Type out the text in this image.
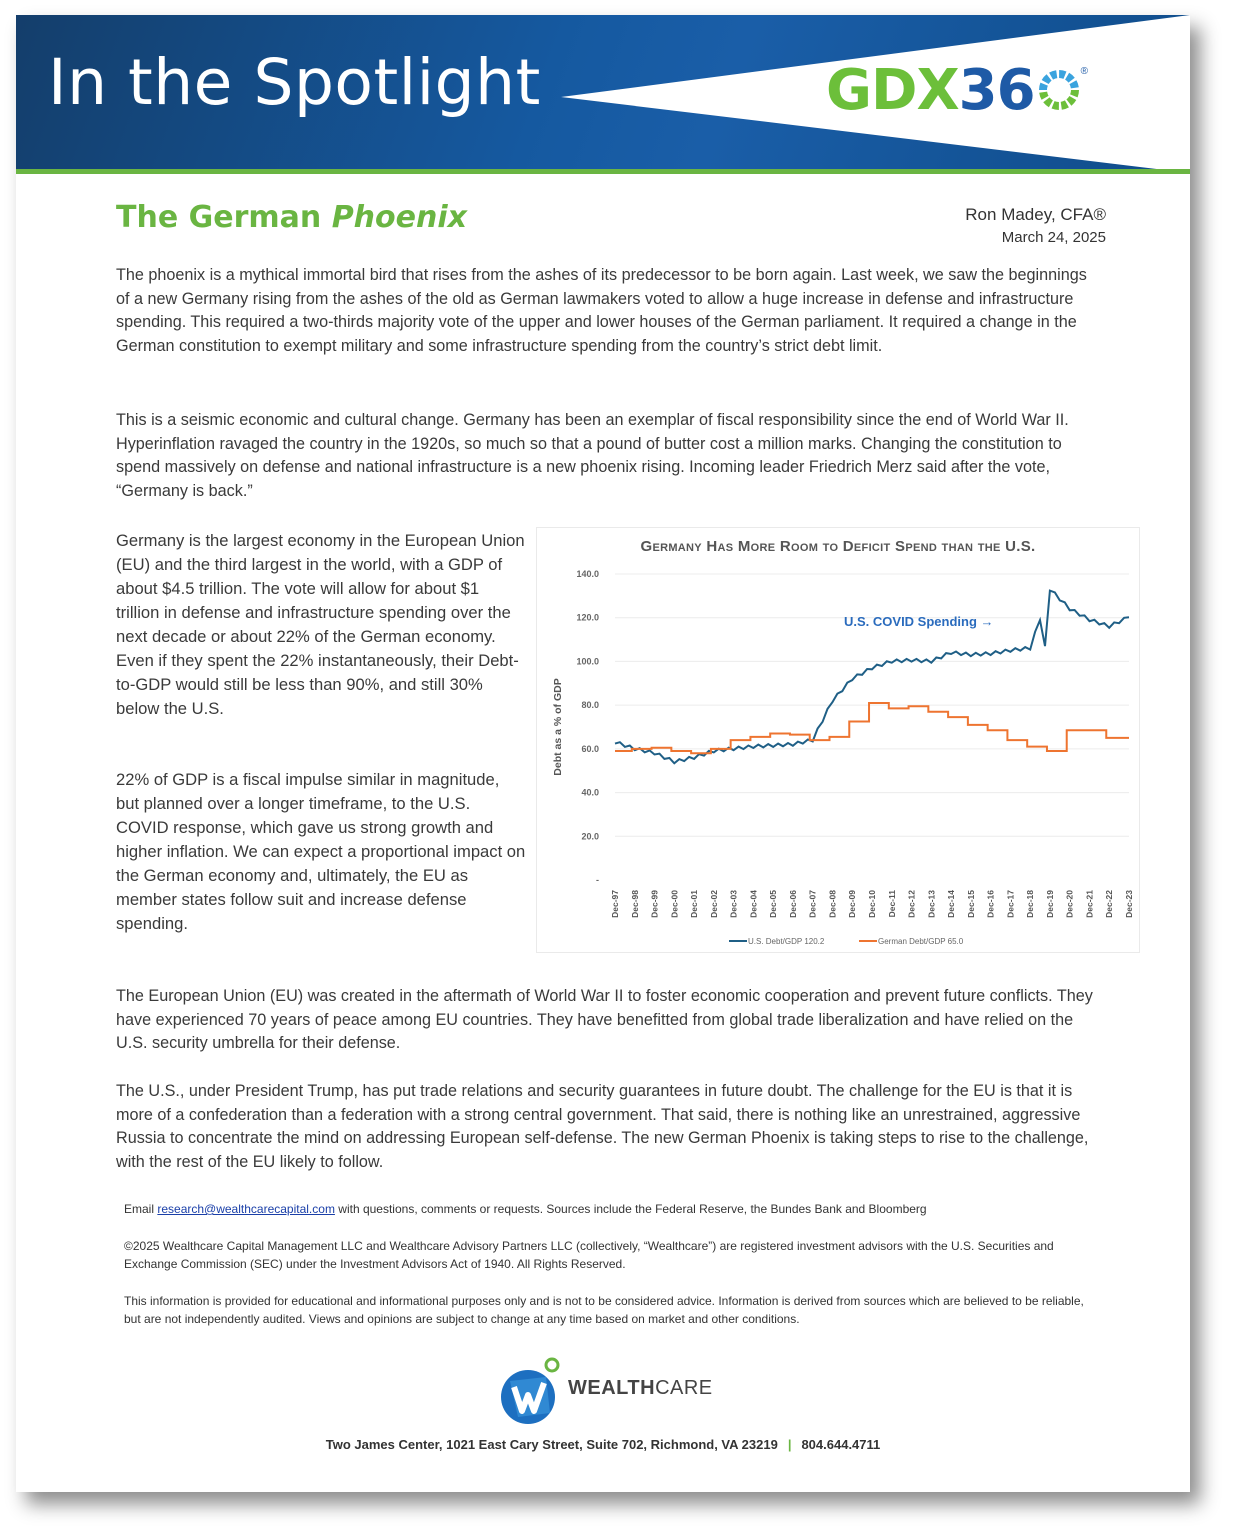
In the Spotlight	GDX 36	®
The German Phoenix	Ron Madey, CFA®
March 24, 2025

The phoenix is a mythical immortal bird that rises from the ashes of its predecessor to be born again. Last week, we saw the beginnings of a new Germany rising from the ashes of the old as German lawmakers voted to allow a huge increase in defense and infrastructure spending. This required a two-thirds majority vote of the upper and lower houses of the German parliament. It required a change in the German constitution to exempt military and some infrastructure spending from the country’s strict debt limit.

This is a seismic economic and cultural change. Germany has been an exemplar of fiscal responsibility since the end of World War II. Hyperinflation ravaged the country in the 1920s, so much so that a pound of butter cost a million marks. Changing the constitution to spend massively on defense and national infrastructure is a new phoenix rising. Incoming leader Friedrich Merz said after the vote, “Germany is back.”

Germany is the largest economy in the European Union (EU) and the third largest in the world, with a GDP of about $4.5 trillion. The vote will allow for about $1 trillion in defense and infrastructure spending over the next decade or about 22% of the German economy. Even if they spent the 22% instantaneously, their Debt-to-GDP would still be less than 90%, and still 30% below the U.S.

22% of GDP is a fiscal impulse similar in magnitude, but planned over a longer timeframe, to the U.S. COVID response, which gave us strong growth and higher inflation. We can expect a proportional impact on the German economy and, ultimately, the EU as member states follow suit and increase defense spending.

Germany Has More Room to Deficit Spend than the U.S.
-
20.0
40.0
60.0
80.0
100.0
120.0
140.0
Debt as a % of GDP
Dec-97 Dec-98 Dec-99 Dec-00 Dec-01 Dec-02 Dec-03 Dec-04 Dec-05 Dec-06 Dec-07 Dec-08 Dec-09 Dec-10 Dec-11 Dec-12 Dec-13 Dec-14 Dec-15 Dec-16 Dec-17 Dec-18 Dec-19 Dec-20 Dec-21 Dec-22 Dec-23
U.S. COVID Spending →
U.S. Debt/GDP 120.2	German Debt/GDP 65.0

The European Union (EU) was created in the aftermath of World War II to foster economic cooperation and prevent future conflicts. They have experienced 70 years of peace among EU countries. They have benefitted from global trade liberalization and have relied on the U.S. security umbrella for their defense.

The U.S., under President Trump, has put trade relations and security guarantees in future doubt. The challenge for the EU is that it is more of a confederation than a federation with a strong central government. That said, there is nothing like an unrestrained, aggressive Russia to concentrate the mind on addressing European self-defense. The new German Phoenix is taking steps to rise to the challenge, with the rest of the EU likely to follow.

Email research@wealthcarecapital.com with questions, comments or requests. Sources include the Federal Reserve, the Bundes Bank and Bloomberg
©2025 Wealthcare Capital Management LLC and Wealthcare Advisory Partners LLC (collectively, “Wealthcare”) are registered investment advisors with the U.S. Securities and Exchange Commission (SEC) under the Investment Advisors Act of 1940. All Rights Reserved.
This information is provided for educational and informational purposes only and is not to be considered advice. Information is derived from sources which are believed to be reliable, but are not independently audited. Views and opinions are subject to change at any time based on market and other conditions.
WEALTHCARE
Two James Center, 1021 East Cary Street, Suite 702, Richmond, VA 23219 | 804.644.4711
